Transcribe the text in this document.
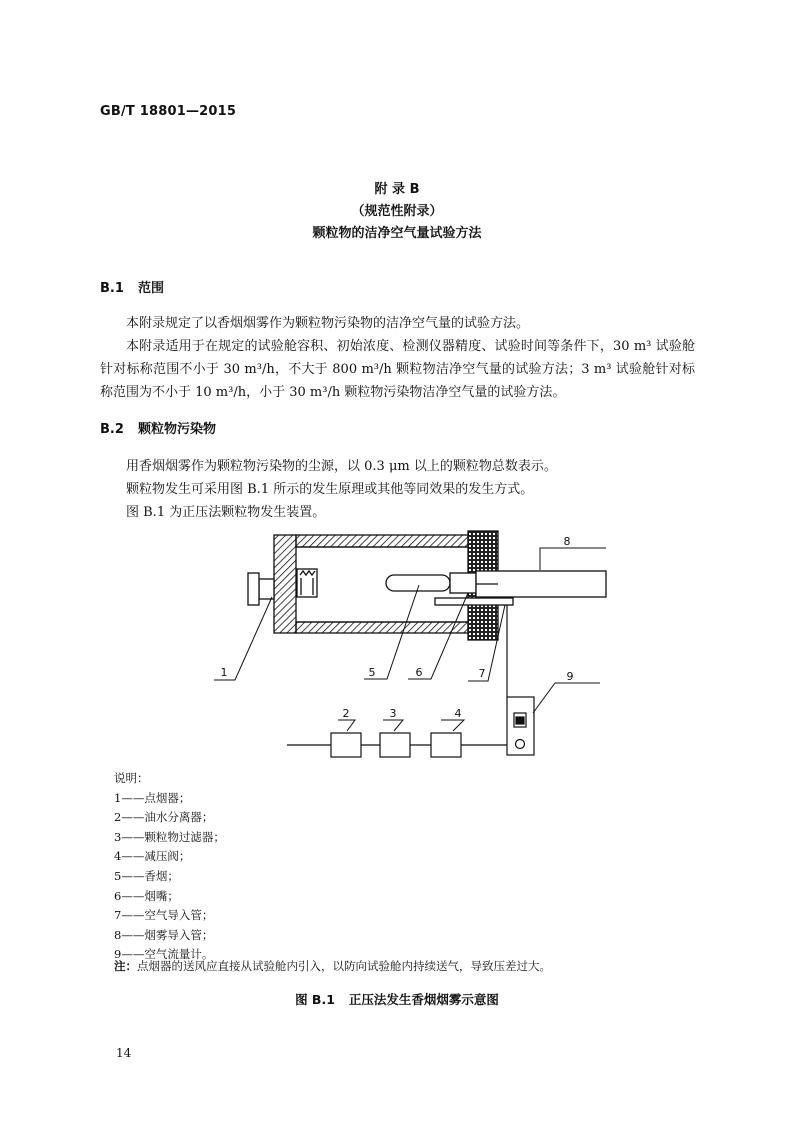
GB/T 18801—2015
附 录 B
（规范性附录）
颗粒物的洁净空气量试验方法
B.1 范围

本附录规定了以香烟烟雾作为颗粒物污染物的洁净空气量的试验方法。

本附录适用于在规定的试验舱容积、初始浓度、检测仪器精度、试验时间等条件下，30 m³ 试验舱针对标称范围不小于 30 m³/h，不大于 800 m³/h 颗粒物洁净空气量的试验方法；3 m³ 试验舱针对标称范围为不小于 10 m³/h，小于 30 m³/h 颗粒物污染物洁净空气量的试验方法。

B.2 颗粒物污染物

用香烟烟雾作为颗粒物污染物的尘源，以 0.3 μm 以上的颗粒物总数表示。

颗粒物发生可采用图 B.1 所示的发生原理或其他等同效果的发生方式。

图 B.1 为正压法颗粒物发生装置。

1
2	3	4
5	6	7
8
9
说明：
1——点烟器；
2——油水分离器；
3——颗粒物过滤器；
4——减压阀；
5——香烟；
6——烟嘴；
7——空气导入管；
8——烟雾导入管；
9——空气流量计。
注：点烟器的送风应直接从试验舱内引入，以防向试验舱内持续送气，导致压差过大。
图 B.1 正压法发生香烟烟雾示意图
14
